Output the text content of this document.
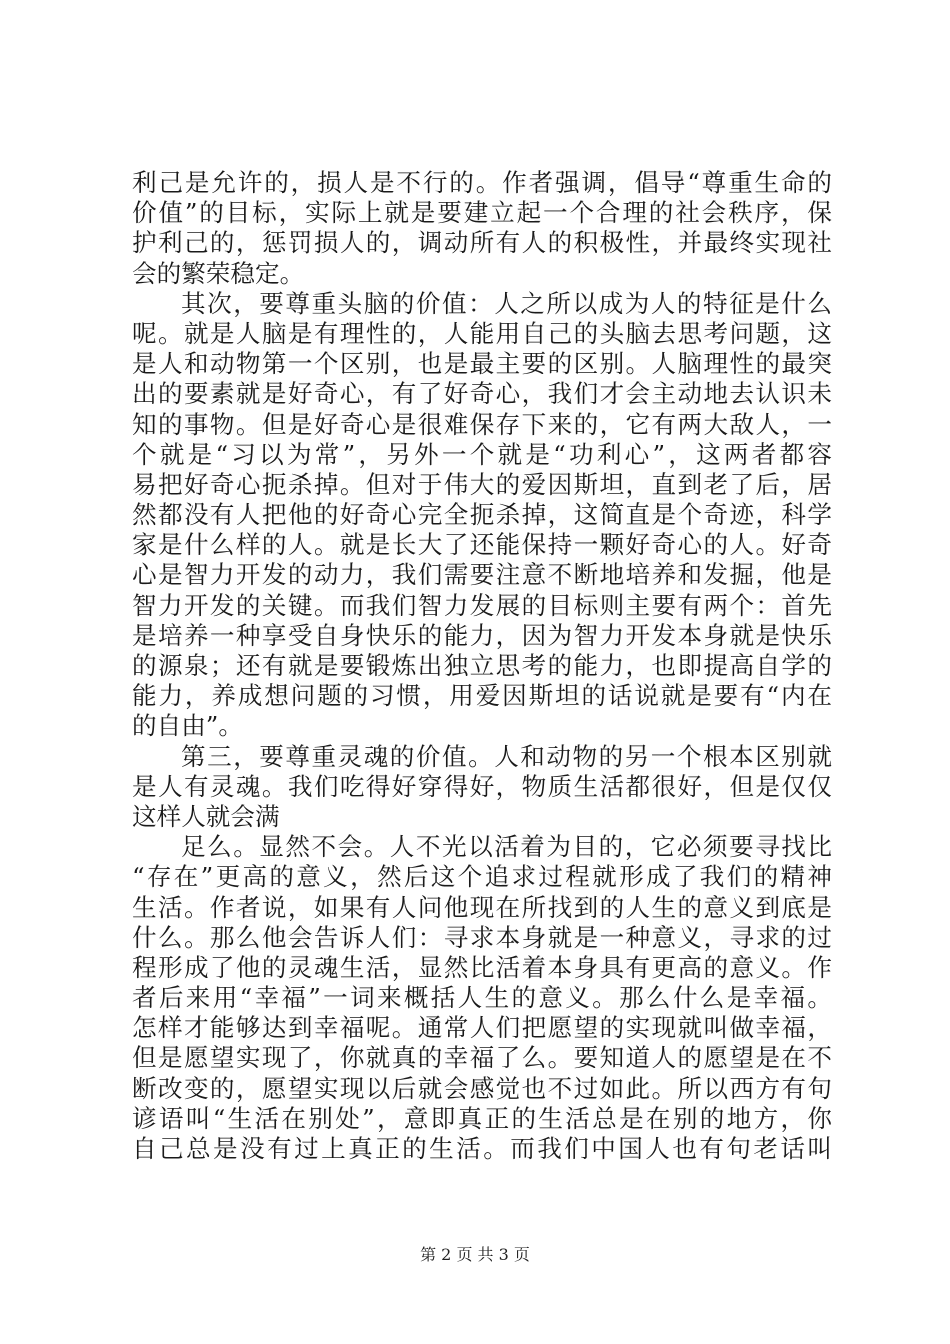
利己是允许的，损人是不行的。作者强调，倡导“尊重生命的
价值”的目标，实际上就是要建立起一个合理的社会秩序，保
护利己的，惩罚损人的，调动所有人的积极性，并最终实现社
会的繁荣稳定。
其次，要尊重头脑的价值：人之所以成为人的特征是什么
呢。就是人脑是有理性的，人能用自己的头脑去思考问题，这
是人和动物第一个区别，也是最主要的区别。人脑理性的最突
出的要素就是好奇心，有了好奇心，我们才会主动地去认识未
知的事物。但是好奇心是很难保存下来的，它有两大敌人，一
个就是“习以为常”，另外一个就是“功利心”，这两者都容
易把好奇心扼杀掉。但对于伟大的爱因斯坦，直到老了后，居
然都没有人把他的好奇心完全扼杀掉，这简直是个奇迹，科学
家是什么样的人。就是长大了还能保持一颗好奇心的人。好奇
心是智力开发的动力，我们需要注意不断地培养和发掘，他是
智力开发的关键。而我们智力发展的目标则主要有两个：首先
是培养一种享受自身快乐的能力，因为智力开发本身就是快乐
的源泉；还有就是要锻炼出独立思考的能力，也即提高自学的
能力，养成想问题的习惯，用爱因斯坦的话说就是要有“内在
的自由”。
第三，要尊重灵魂的价值。人和动物的另一个根本区别就
是人有灵魂。我们吃得好穿得好，物质生活都很好，但是仅仅
这样人就会满
足么。显然不会。人不光以活着为目的，它必须要寻找比
“存在”更高的意义，然后这个追求过程就形成了我们的精神
生活。作者说，如果有人问他现在所找到的人生的意义到底是
什么。那么他会告诉人们：寻求本身就是一种意义，寻求的过
程形成了他的灵魂生活，显然比活着本身具有更高的意义。作
者后来用“幸福”一词来概括人生的意义。那么什么是幸福。
怎样才能够达到幸福呢。通常人们把愿望的实现就叫做幸福，
但是愿望实现了，你就真的幸福了么。要知道人的愿望是在不
断改变的，愿望实现以后就会感觉也不过如此。所以西方有句
谚语叫“生活在别处”，意即真正的生活总是在别的地方，你
自己总是没有过上真正的生活。而我们中国人也有句老话叫
第 2 页 共 3 页
